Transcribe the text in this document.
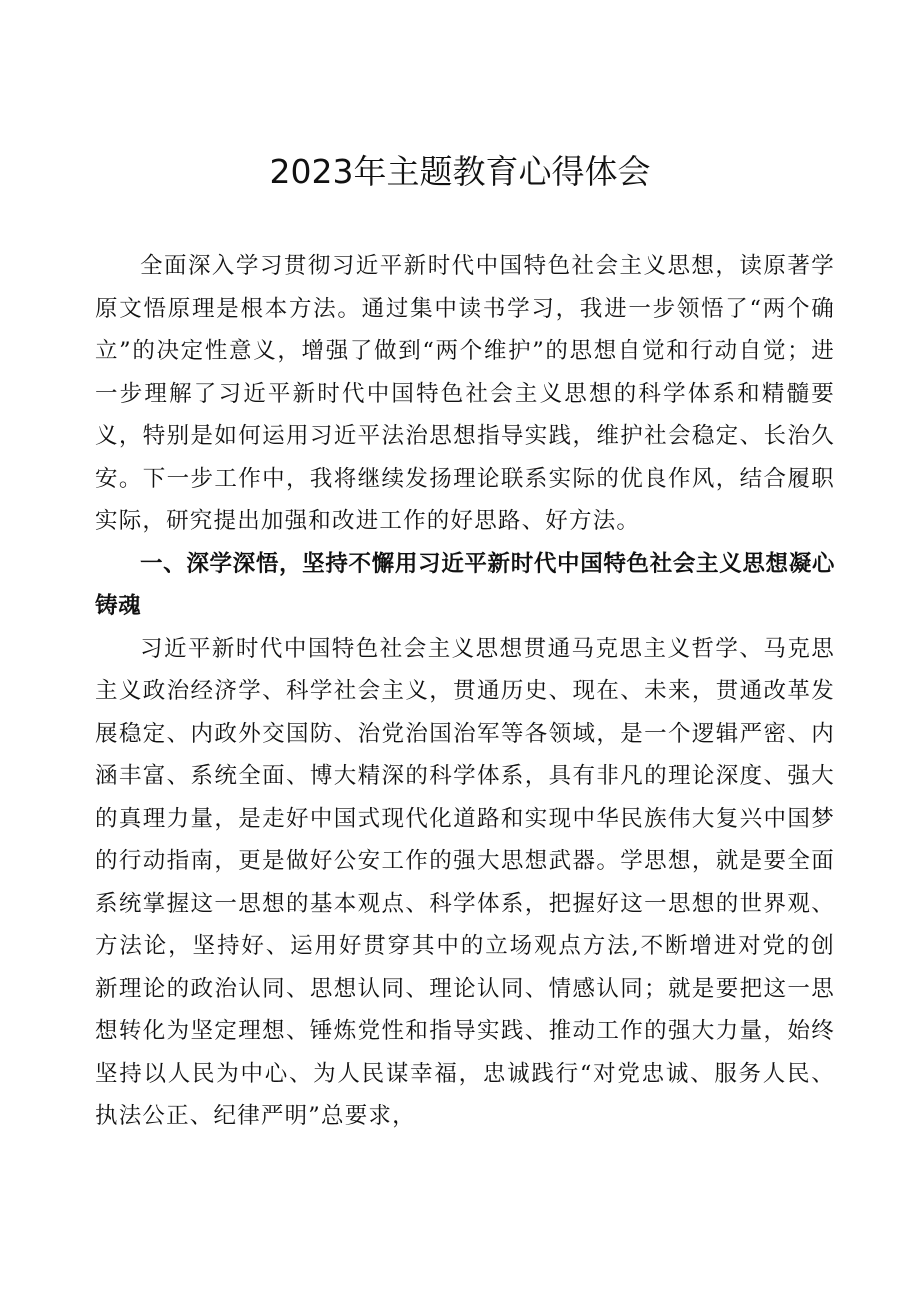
2023年主题教育心得体会

全面深入学习贯彻习近平新时代中国特色社会主义思想，读原著学原文悟原理是根本方法。通过集中读书学习，我进一步领悟了“两个确立”的决定性意义，增强了做到“两个维护”的思想自觉和行动自觉；进一步理解了习近平新时代中国特色社会主义思想的科学体系和精髓要义，特别是如何运用习近平法治思想指导实践，维护社会稳定、长治久安。下一步工作中，我将继续发扬理论联系实际的优良作风，结合履职实际，研究提出加强和改进工作的好思路、好方法。

一、深学深悟，坚持不懈用习近平新时代中国特色社会主义思想凝心铸魂

习近平新时代中国特色社会主义思想贯通马克思主义哲学、马克思主义政治经济学、科学社会主义，贯通历史、现在、未来，贯通改革发展稳定、内政外交国防、治党治国治军等各领域，是一个逻辑严密、内涵丰富、系统全面、博大精深的科学体系，具有非凡的理论深度、强大的真理力量，是走好中国式现代化道路和实现中华民族伟大复兴中国梦的行动指南，更是做好公安工作的强大思想武器。学思想，就是要全面系统掌握这一思想的基本观点、科学体系，把握好这一思想的世界观、方法论，坚持好、运用好贯穿其中的立场观点方法,不断增进对党的创新理论的政治认同、思想认同、理论认同、情感认同；就是要把这一思想转化为坚定理想、锤炼党性和指导实践、推动工作的强大力量，始终坚持以人民为中心、为人民谋幸福，忠诚践行“对党忠诚、服务人民、执法公正、纪律严明”总要求，
